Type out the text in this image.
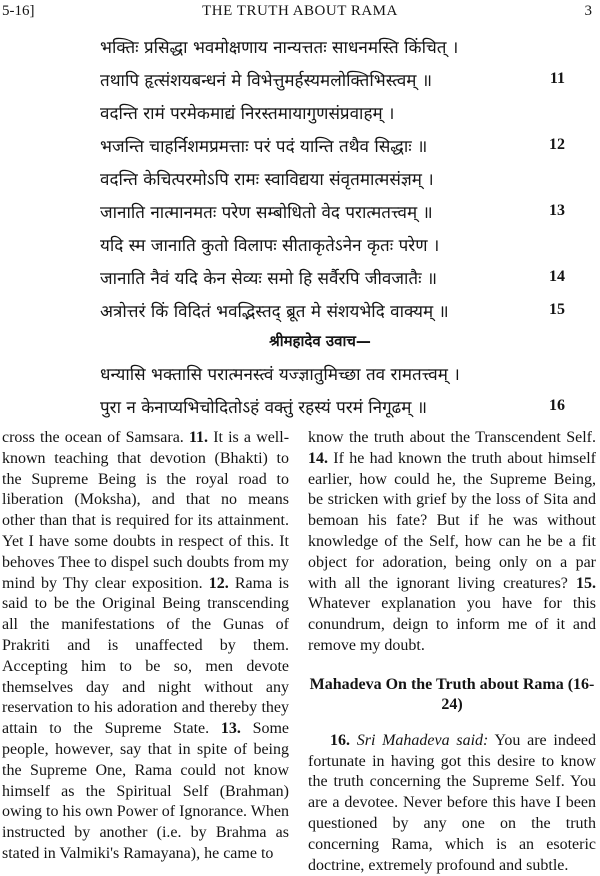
5-16]	THE TRUTH ABOUT RAMA	3
भक्तिः प्रसिद्धा भवमोक्षणाय नान्यत्ततः साधनमस्ति किंचित् ।
तथापि हृत्संशयबन्धनं मे विभेत्तुमर्हस्यमलोक्तिभिस्त्वम् ॥	11
वदन्ति रामं परमेकमाद्यं निरस्तमायागुणसंप्रवाहम् ।
भजन्ति चाहर्निशमप्रमत्ताः परं पदं यान्ति तथैव सिद्धाः ॥	12
वदन्ति केचित्परमोऽपि रामः स्वाविद्यया संवृतमात्मसंज्ञम् ।
जानाति नात्मानमतः परेण सम्बोधितो वेद परात्मतत्त्वम् ॥	13
यदि स्म जानाति कुतो विलापः सीताकृतेऽनेन कृतः परेण ।
जानाति नैवं यदि केन सेव्यः समो हि सर्वैरपि जीवजातैः ॥	14
अत्रोत्तरं किं विदितं भवद्भिस्तद् ब्रूत मे संशयभेदि वाक्यम् ॥	15
श्रीमहादेव उवाच—
धन्यासि भक्तासि परात्मनस्त्वं यज्ज्ञातुमिच्छा तव रामतत्त्वम् ।
पुरा न केनाप्यभिचोदितोऽहं वक्तुं रहस्यं परमं निगूढम् ॥	16

cross the ocean of Samsara. 11. It is a well-known teaching that devotion (Bhakti) to the Supreme Being is the royal road to liberation (Moksha), and that no means other than that is required for its attainment. Yet I have some doubts in respect of this. It behoves Thee to dispel such doubts from my mind by Thy clear exposition. 12. Rama is said to be the Original Being transcending all the manifestations of the Gunas of Prakriti and is unaffected by them. Accepting him to be so, men devote themselves day and night without any reservation to his adoration and thereby they attain to the Supreme State. 13. Some people, however, say that in spite of being the Supreme One, Rama could not know himself as the Spiritual Self (Brahman) owing to his own Power of Ignorance. When instructed by another (i.e. by Brahma as stated in Valmiki's Ramayana), he came to

know the truth about the Transcendent Self. 14. If he had known the truth about himself earlier, how could he, the Supreme Being, be stricken with grief by the loss of Sita and bemoan his fate? But if he was without knowledge of the Self, how can he be a fit object for adoration, being only on a par with all the ignorant living creatures? 15. Whatever explanation you have for this conundrum, deign to inform me of it and remove my doubt.

Mahadeva On the Truth about Rama (16-24)

16. Sri Mahadeva said: You are indeed fortunate in having got this desire to know the truth concerning the Supreme Self. You are a devotee. Never before this have I been questioned by any one on the truth concerning Rama, which is an esoteric doctrine, extremely profound and subtle.
